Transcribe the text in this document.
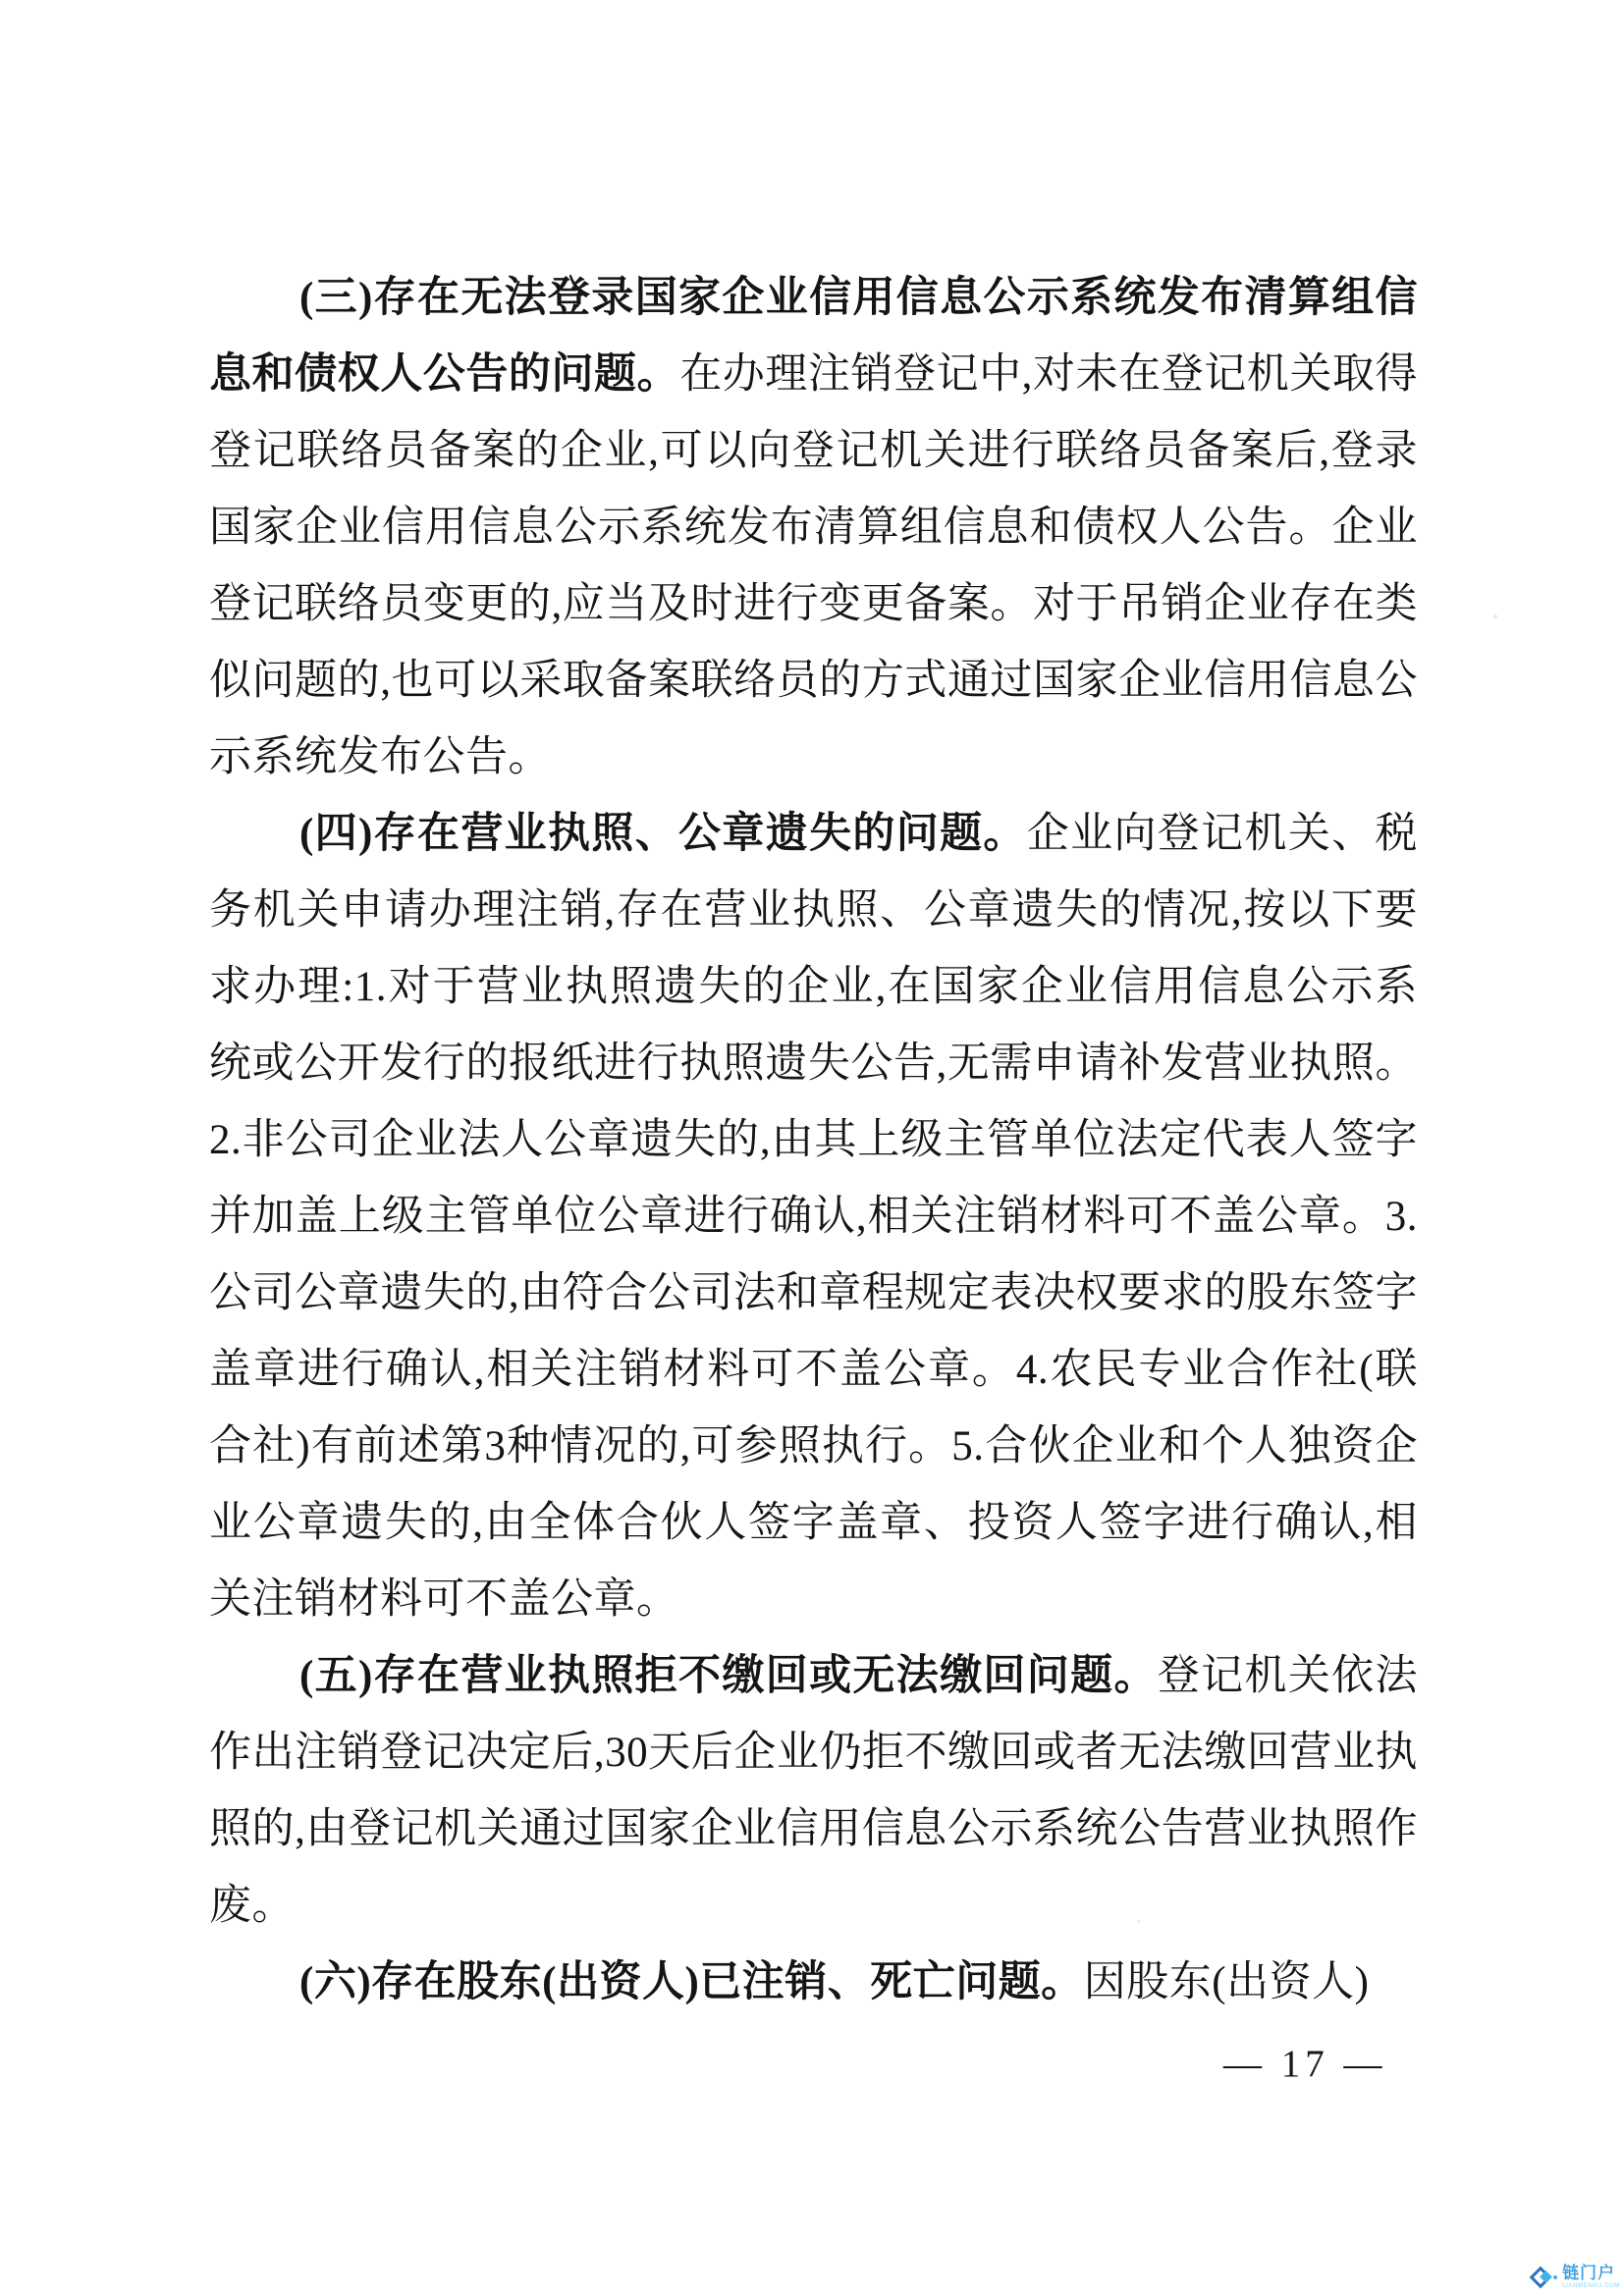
(三)存在无法登录国家企业信用信息公示系统发布清算组信息和债权人公告的问题。在办理注销登记中,对未在登记机关取得登记联络员备案的企业,可以向登记机关进行联络员备案后,登录国家企业信用信息公示系统发布清算组信息和债权人公告。企业登记联络员变更的,应当及时进行变更备案。对于吊销企业存在类似问题的,也可以采取备案联络员的方式通过国家企业信用信息公示系统发布公告。

(四)存在营业执照、公章遗失的问题。企业向登记机关、税务机关申请办理注销,存在营业执照、公章遗失的情况,按以下要求办理:1.对于营业执照遗失的企业,在国家企业信用信息公示系统或公开发行的报纸进行执照遗失公告,无需申请补发营业执照。2.非公司企业法人公章遗失的,由其上级主管单位法定代表人签字并加盖上级主管单位公章进行确认,相关注销材料可不盖公章。3.公司公章遗失的,由符合公司法和章程规定表决权要求的股东签字盖章进行确认,相关注销材料可不盖公章。4.农民专业合作社(联合社)有前述第3种情况的,可参照执行。5.合伙企业和个人独资企业公章遗失的,由全体合伙人签字盖章、投资人签字进行确认,相关注销材料可不盖公章。

(五)存在营业执照拒不缴回或无法缴回问题。登记机关依法作出注销登记决定后,30天后企业仍拒不缴回或者无法缴回营业执照的,由登记机关通过国家企业信用信息公示系统公告营业执照作废。

(六)存在股东(出资人)已注销、死亡问题。因股东(出资人)

— 17 —
链门户
LIANMENHU.COM
